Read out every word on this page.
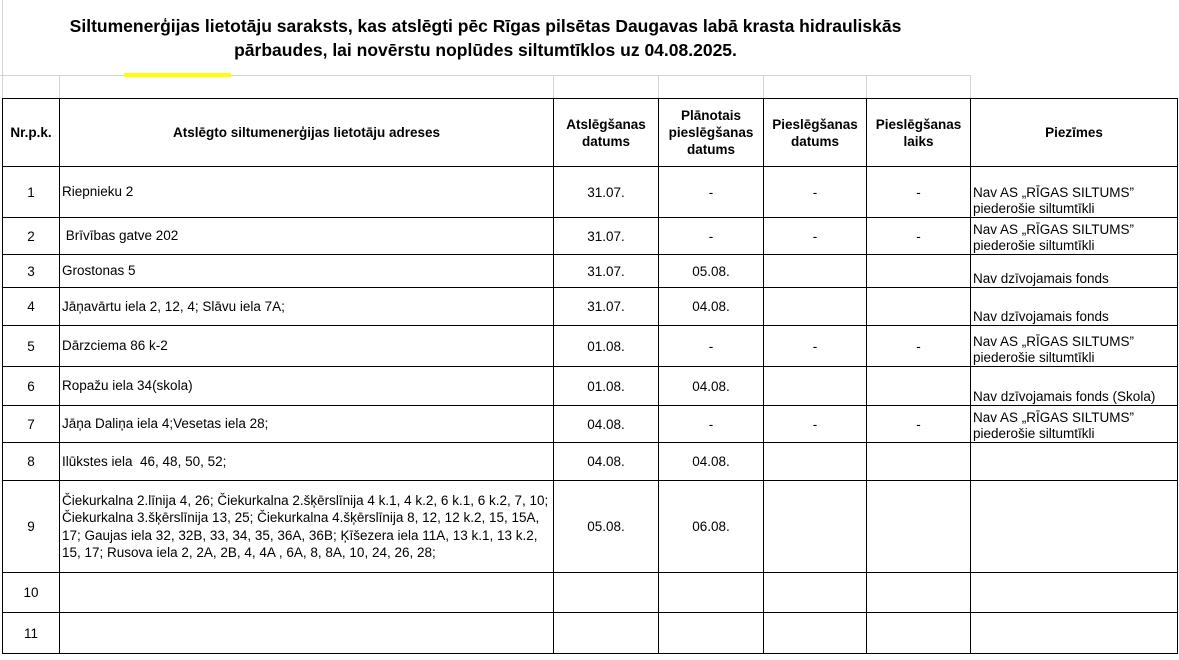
Siltumenerģijas lietotāju saraksts, kas atslēgti pēc Rīgas pilsētas Daugavas labā krasta hidrauliskās
pārbaudes, lai novērstu noplūdes siltumtīklos uz 04.08.2025.
Nr.p.k.	Atslēgto siltumenerģijas lietotāju adreses	Atslēgšanas datums	Plānotais pieslēgšanas datums	Pieslēgšanas datums	Pieslēgšanas laiks	Piezīmes
1	Riepnieku 2	31.07.	-	-	-	Nav AS „RĪGAS SILTUMS” piederošie siltumtīkli
2	Brīvības gatve 202	31.07.	-	-	-	Nav AS „RĪGAS SILTUMS” piederošie siltumtīkli
3	Grostonas 5	31.07.	05.08.			Nav dzīvojamais fonds
4	Jāņavārtu iela 2, 12, 4; Slāvu iela 7A;	31.07.	04.08.			Nav dzīvojamais fonds
5	Dārzciema 86 k-2	01.08.	-	-	-	Nav AS „RĪGAS SILTUMS” piederošie siltumtīkli
6	Ropažu iela 34(skola)	01.08.	04.08.			Nav dzīvojamais fonds (Skola)
7	Jāņa Daliņa iela 4;Vesetas iela 28;	04.08.	-	-	-	Nav AS „RĪGAS SILTUMS” piederošie siltumtīkli
8	Ilūkstes iela  46, 48, 50, 52;	04.08.	04.08.			
9	Čiekurkalna 2.līnija 4, 26; Čiekurkalna 2.šķērslīnija 4 k.1, 4 k.2, 6 k.1, 6 k.2, 7, 10; Čiekurkalna 3.šķērslīnija 13, 25; Čiekurkalna 4.šķērslīnija 8, 12, 12 k.2, 15, 15A, 17; Gaujas iela 32, 32B, 33, 34, 35, 36A, 36B; Ķīšezera iela 11A, 13 k.1, 13 k.2, 15, 17; Rusova iela 2, 2A, 2B, 4, 4A , 6A, 8, 8A, 10, 24, 26, 28;	05.08.	06.08.			
10						
11						
